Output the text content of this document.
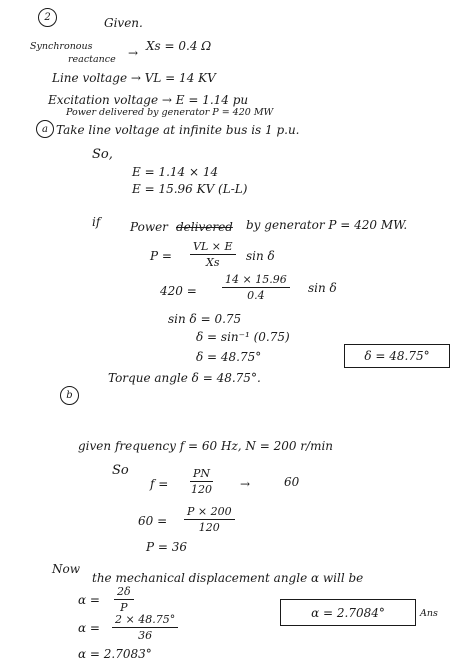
2	Given.
Synchronous
reactance → Xs = 0.4 Ω
Line voltage → VL = 14 KV
Excitation voltage → E = 1.14 pu
Power delivered by generator P = 420 MW
a Take line voltage at infinite bus is 1 p.u.
So,
E = 1.14 × 14
E = 15.96 KV (L-L)
if Power delivered by generator P = 420 MW.
$P = \frac{VL \times E}{Xs}$ sin δ
$420 = \frac{14 \times 15.96}{0.4}$ sin δ
sin δ = 0.75
δ = sin⁻¹ (0.75)
δ = 48.75°	δ = 48.75°
Torque angle δ = 48.75°.
b
given frequency f = 60 Hz, N = 200 r/min
So
$f = \frac{PN}{120}$ →	60
$60 = \frac{P \times 200}{120}$
P = 36
Now
the mechanical displacement angle α will be
$\alpha = \frac{2\delta}{P}$
$\alpha = \frac{2 \times 48.75^\circ}{36}$
α = 2.7083°
α = 2.7084°	Ans
